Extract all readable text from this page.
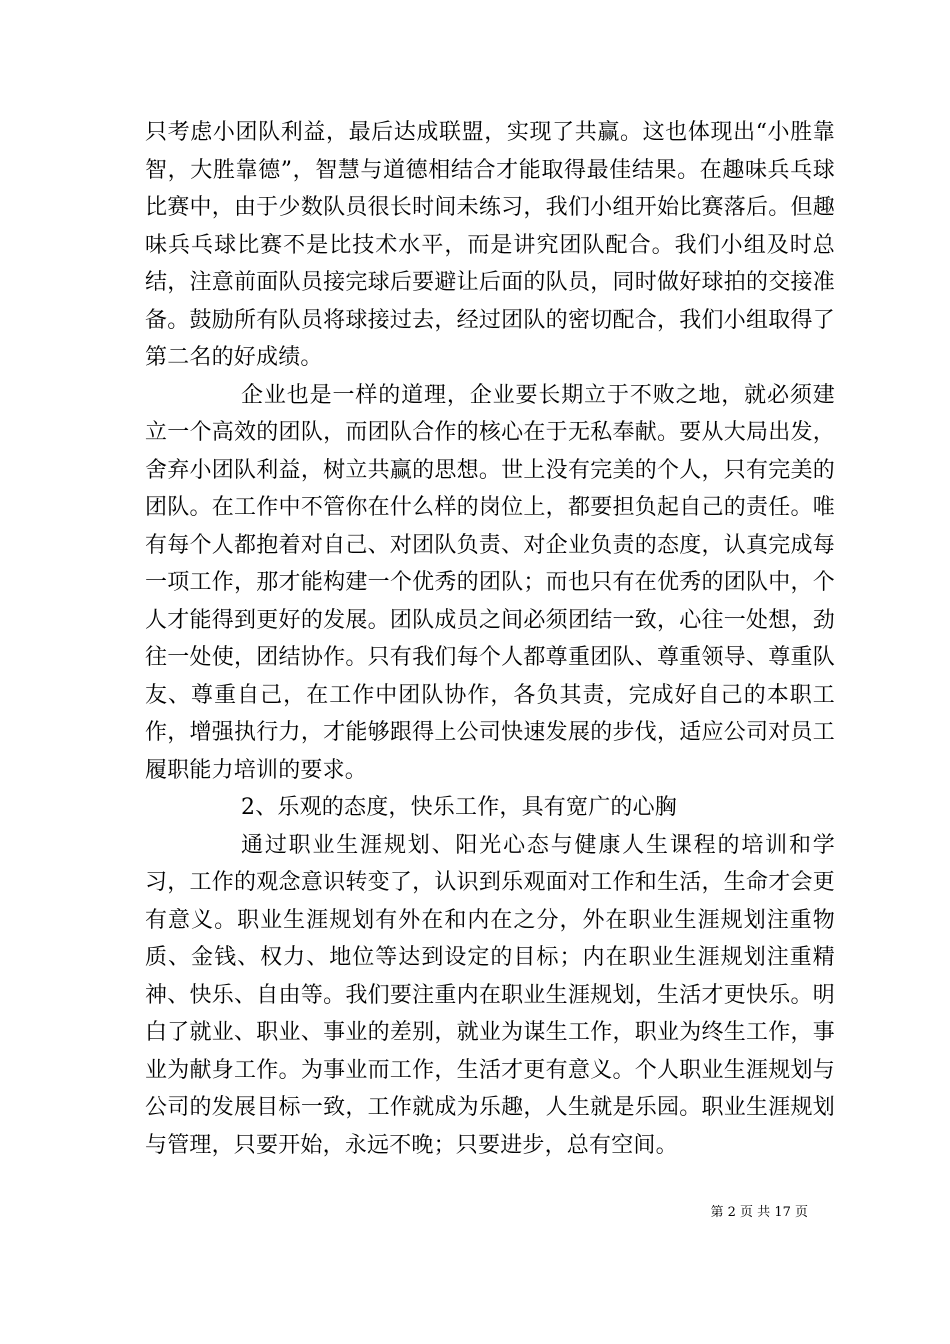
只考虑小团队利益，最后达成联盟，实现了共赢。这也体现出“小胜靠智，大胜靠德”，智慧与道德相结合才能取得最佳结果。在趣味兵乓球比赛中，由于少数队员很长时间未练习，我们小组开始比赛落后。但趣味兵乓球比赛不是比技术水平，而是讲究团队配合。我们小组及时总结，注意前面队员接完球后要避让后面的队员，同时做好球拍的交接准备。鼓励所有队员将球接过去，经过团队的密切配合，我们小组取得了第二名的好成绩。

企业也是一样的道理，企业要长期立于不败之地，就必须建立一个高效的团队，而团队合作的核心在于无私奉献。要从大局出发，舍弃小团队利益，树立共赢的思想。世上没有完美的个人，只有完美的团队。在工作中不管你在什么样的岗位上，都要担负起自己的责任。唯有每个人都抱着对自己、对团队负责、对企业负责的态度，认真完成每一项工作，那才能构建一个优秀的团队；而也只有在优秀的团队中，个人才能得到更好的发展。团队成员之间必须团结一致，心往一处想，劲往一处使，团结协作。只有我们每个人都尊重团队、尊重领导、尊重队友、尊重自己，在工作中团队协作，各负其责，完成好自己的本职工作，增强执行力，才能够跟得上公司快速发展的步伐，适应公司对员工履职能力培训的要求。

2、乐观的态度，快乐工作，具有宽广的心胸

通过职业生涯规划、阳光心态与健康人生课程的培训和学习，工作的观念意识转变了，认识到乐观面对工作和生活，生命才会更有意义。职业生涯规划有外在和内在之分，外在职业生涯规划注重物质、金钱、权力、地位等达到设定的目标；内在职业生涯规划注重精神、快乐、自由等。我们要注重内在职业生涯规划，生活才更快乐。明白了就业、职业、事业的差别，就业为谋生工作，职业为终生工作，事业为献身工作。为事业而工作，生活才更有意义。个人职业生涯规划与公司的发展目标一致，工作就成为乐趣，人生就是乐园。职业生涯规划与管理，只要开始，永远不晚；只要进步，总有空间。

第 2 页 共 17 页
